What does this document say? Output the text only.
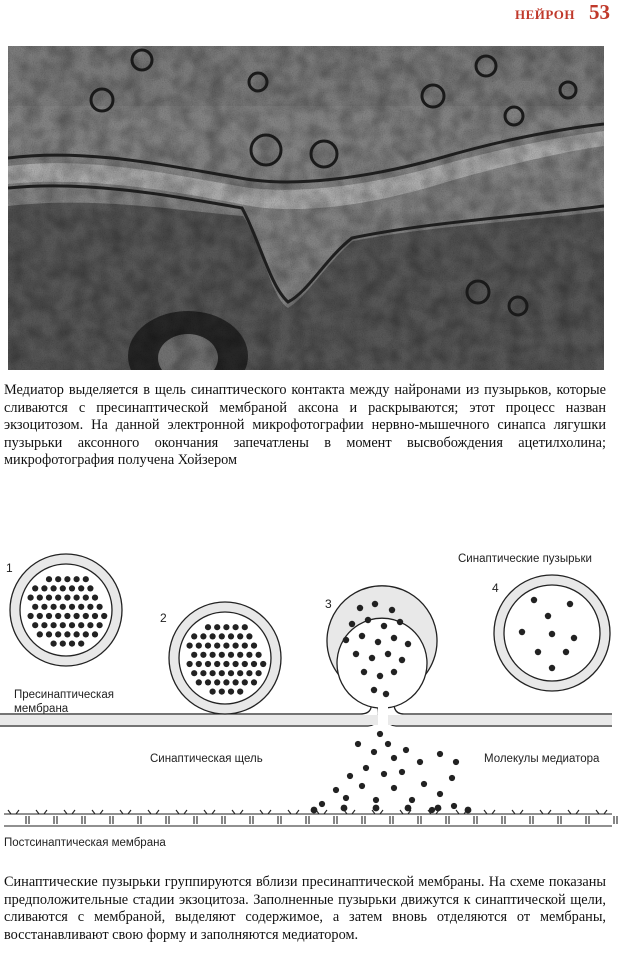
НЕЙРОН 53

Медиатор выделяется в щель синаптического контакта между найронами из пузырьков, которые сливаются с пресинаптической мембраной аксона и раскрываются; этот процесс назван экзоцитозом. На данной электронной микрофотографии нервно-мышечного синапса лягушки пузырьки аксонного окончания запечатлены в момент высвобождения ацетилхолина; микрофотография получена Хойзером

1
2
3
4
Синаптические пузырьки
Пресинаптическая
мембрана
Синаптическая щель	Молекулы медиатора
Постсинаптическая мембрана

Синаптические пузырьки группируются вблизи пресинаптической мембраны. На схеме показаны предположительные стадии экзоцитоза. Заполненные пузырьки движутся к синаптической щели, сливаются с мембраной, выделяют содержимое, а затем вновь отделяются от мембраны, восстанавливают свою форму и заполняются медиатором.
